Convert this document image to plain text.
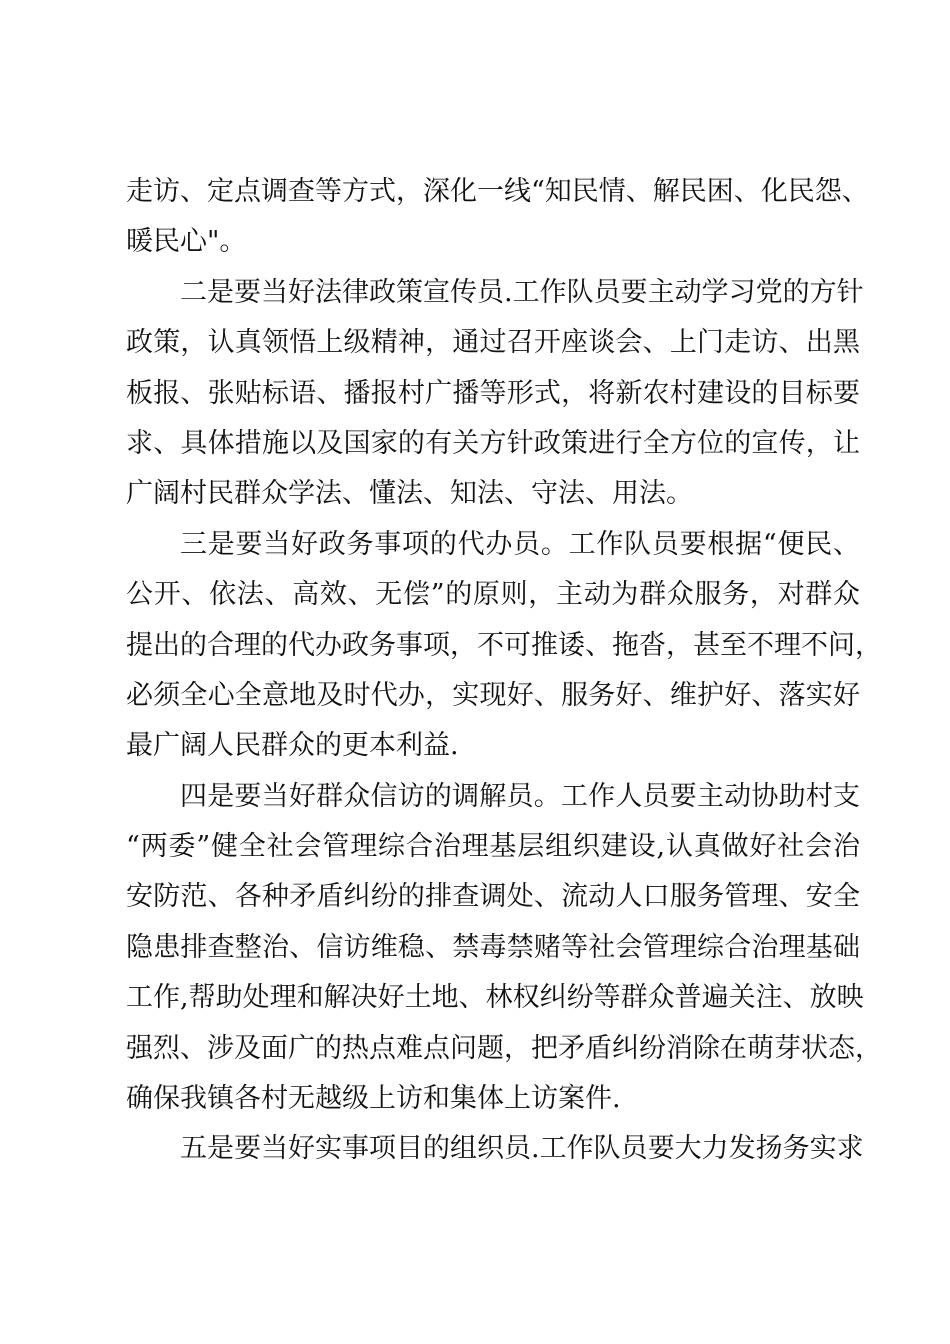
走访、定点调查等方式，深化一线“知民情、解民困、化民怨、
暖民心"。
二是要当好法律政策宣传员.工作队员要主动学习党的方针
政策，认真领悟上级精神，通过召开座谈会、上门走访、出黑
板报、张贴标语、播报村广播等形式，将新农村建设的目标要
求、具体措施以及国家的有关方针政策进行全方位的宣传，让
广阔村民群众学法、懂法、知法、守法、用法。
三是要当好政务事项的代办员。工作队员要根据“便民、
公开、依法、高效、无偿”的原则，主动为群众服务，对群众
提出的合理的代办政务事项，不可推诿、拖沓，甚至不理不问，
必须全心全意地及时代办，实现好、服务好、维护好、落实好
最广阔人民群众的更本利益.
四是要当好群众信访的调解员。工作人员要主动协助村支
“两委”健全社会管理综合治理基层组织建设,认真做好社会治
安防范、各种矛盾纠纷的排查调处、流动人口服务管理、安全
隐患排查整治、信访维稳、禁毒禁赌等社会管理综合治理基础
工作,帮助处理和解决好土地、林权纠纷等群众普遍关注、放映
强烈、涉及面广的热点难点问题，把矛盾纠纷消除在萌芽状态，
确保我镇各村无越级上访和集体上访案件.
五是要当好实事项目的组织员.工作队员要大力发扬务实求
